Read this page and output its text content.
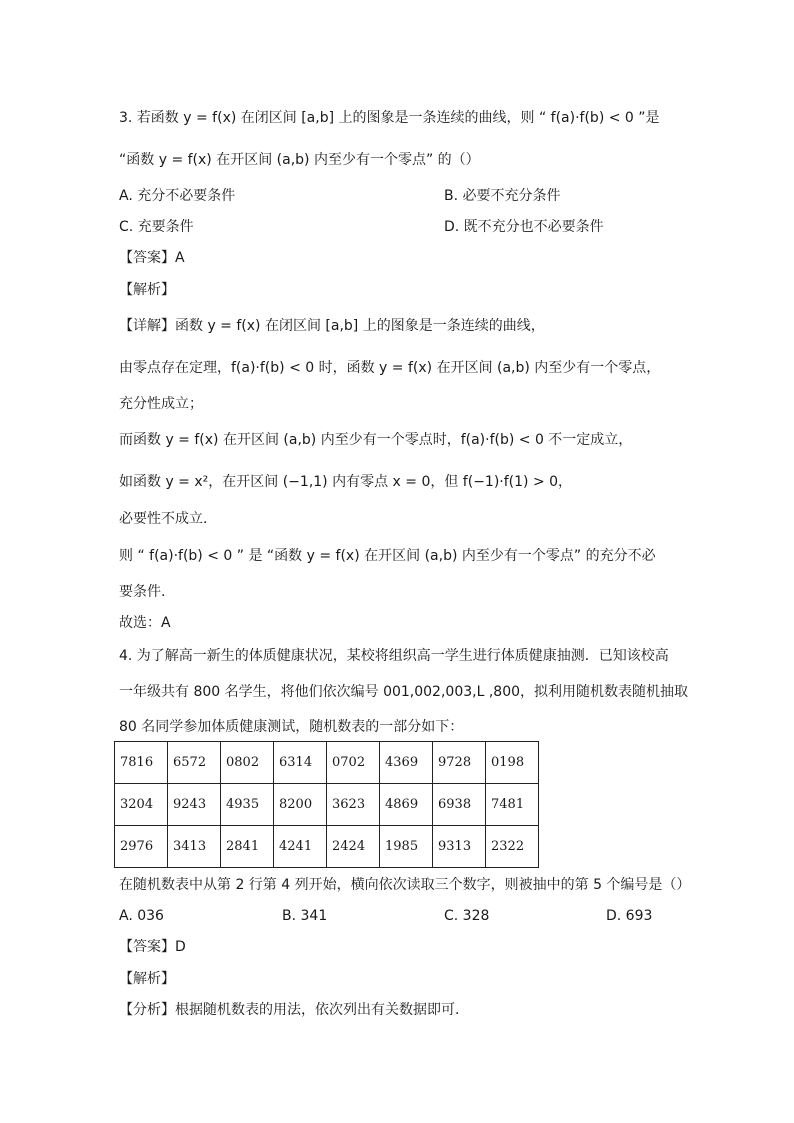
3. 若函数 y = f(x) 在闭区间 [a,b] 上的图象是一条连续的曲线，则 “ f(a)·f(b) < 0 ”是
“函数 y = f(x) 在开区间 (a,b) 内至少有一个零点” 的（）
A. 充分不必要条件	B. 必要不充分条件
C. 充要条件	D. 既不充分也不必要条件
【答案】A
【解析】
【详解】函数 y = f(x) 在闭区间 [a,b] 上的图象是一条连续的曲线，
由零点存在定理，f(a)·f(b) < 0 时，函数 y = f(x) 在开区间 (a,b) 内至少有一个零点，
充分性成立；
而函数 y = f(x) 在开区间 (a,b) 内至少有一个零点时，f(a)·f(b) < 0 不一定成立，
如函数 y = x²，在开区间 (−1,1) 内有零点 x = 0，但 f(−1)·f(1) > 0，
必要性不成立.
则 “ f(a)·f(b) < 0 ” 是 “函数 y = f(x) 在开区间 (a,b) 内至少有一个零点” 的充分不必
要条件.
故选：A
4. 为了解高一新生的体质健康状况，某校将组织高一学生进行体质健康抽测．已知该校高
一年级共有 800 名学生，将他们依次编号 001,002,003,L ,800，拟利用随机数表随机抽取
80 名同学参加体质健康测试，随机数表的一部分如下：
7816	6572	0802	6314	0702	4369	9728	0198
3204	9243	4935	8200	3623	4869	6938	7481
2976	3413	2841	4241	2424	1985	9313	2322
在随机数表中从第 2 行第 4 列开始，横向依次读取三个数字，则被抽中的第 5 个编号是（）
A. 036	B. 341	C. 328	D. 693
【答案】D
【解析】
【分析】根据随机数表的用法，依次列出有关数据即可.
